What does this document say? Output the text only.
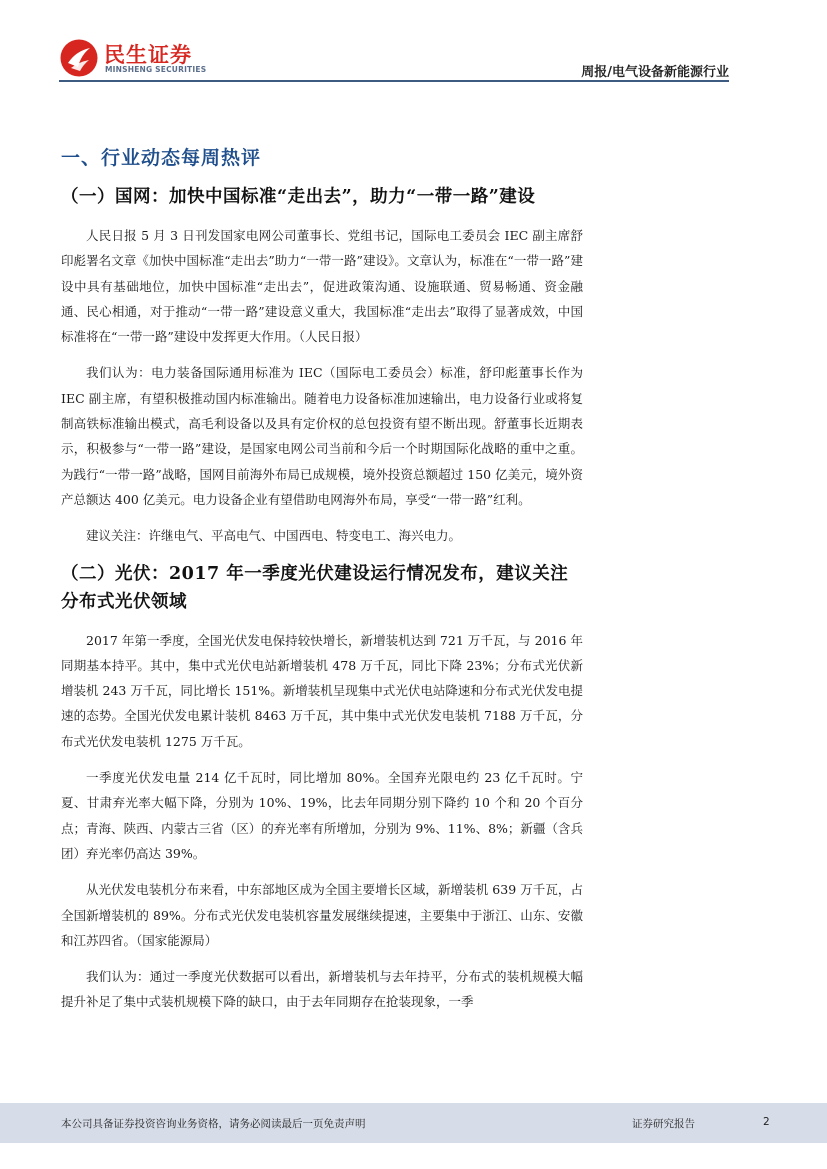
民生证券
MINSHENG SECURITIES	周报/电气设备新能源行业
一、行业动态每周热评
（一）国网：加快中国标准“走出去”，助力“一带一路”建设

人民日报 5 月 3 日刊发国家电网公司董事长、党组书记，国际电工委员会 IEC 副主席舒印彪署名文章《加快中国标准“走出去”助力“一带一路”建设》。文章认为，标准在“一带一路”建设中具有基础地位，加快中国标准“走出去”，促进政策沟通、设施联通、贸易畅通、资金融通、民心相通，对于推动“一带一路”建设意义重大，我国标准“走出去”取得了显著成效，中国标准将在“一带一路”建设中发挥更大作用。（人民日报）

我们认为：电力装备国际通用标准为 IEC（国际电工委员会）标准，舒印彪董事长作为 IEC 副主席，有望积极推动国内标准输出。随着电力设备标准加速输出，电力设备行业或将复制高铁标准输出模式，高毛利设备以及具有定价权的总包投资有望不断出现。舒董事长近期表示，积极参与“一带一路”建设，是国家电网公司当前和今后一个时期国际化战略的重中之重。为践行“一带一路”战略，国网目前海外布局已成规模，境外投资总额超过 150 亿美元，境外资产总额达 400 亿美元。电力设备企业有望借助电网海外布局，享受“一带一路”红利。

建议关注：许继电气、平高电气、中国西电、特变电工、海兴电力。

（二）光伏：2017 年一季度光伏建设运行情况发布，建议关注分布式光伏领域

2017 年第一季度，全国光伏发电保持较快增长，新增装机达到 721 万千瓦，与 2016 年同期基本持平。其中，集中式光伏电站新增装机 478 万千瓦，同比下降 23%；分布式光伏新增装机 243 万千瓦，同比增长 151%。新增装机呈现集中式光伏电站降速和分布式光伏发电提速的态势。全国光伏发电累计装机 8463 万千瓦，其中集中式光伏发电装机 7188 万千瓦，分布式光伏发电装机 1275 万千瓦。

一季度光伏发电量 214 亿千瓦时，同比增加 80%。全国弃光限电约 23 亿千瓦时。宁夏、甘肃弃光率大幅下降，分别为 10%、19%，比去年同期分别下降约 10 个和 20 个百分点；青海、陕西、内蒙古三省（区）的弃光率有所增加，分别为 9%、11%、8%；新疆（含兵团）弃光率仍高达 39%。

从光伏发电装机分布来看，中东部地区成为全国主要增长区域，新增装机 639 万千瓦，占全国新增装机的 89%。分布式光伏发电装机容量发展继续提速，主要集中于浙江、山东、安徽和江苏四省。（国家能源局）

我们认为：通过一季度光伏数据可以看出，新增装机与去年持平，分布式的装机规模大幅提升补足了集中式装机规模下降的缺口，由于去年同期存在抢装现象，一季

本公司具备证券投资咨询业务资格，请务必阅读最后一页免责声明	证券研究报告	2
